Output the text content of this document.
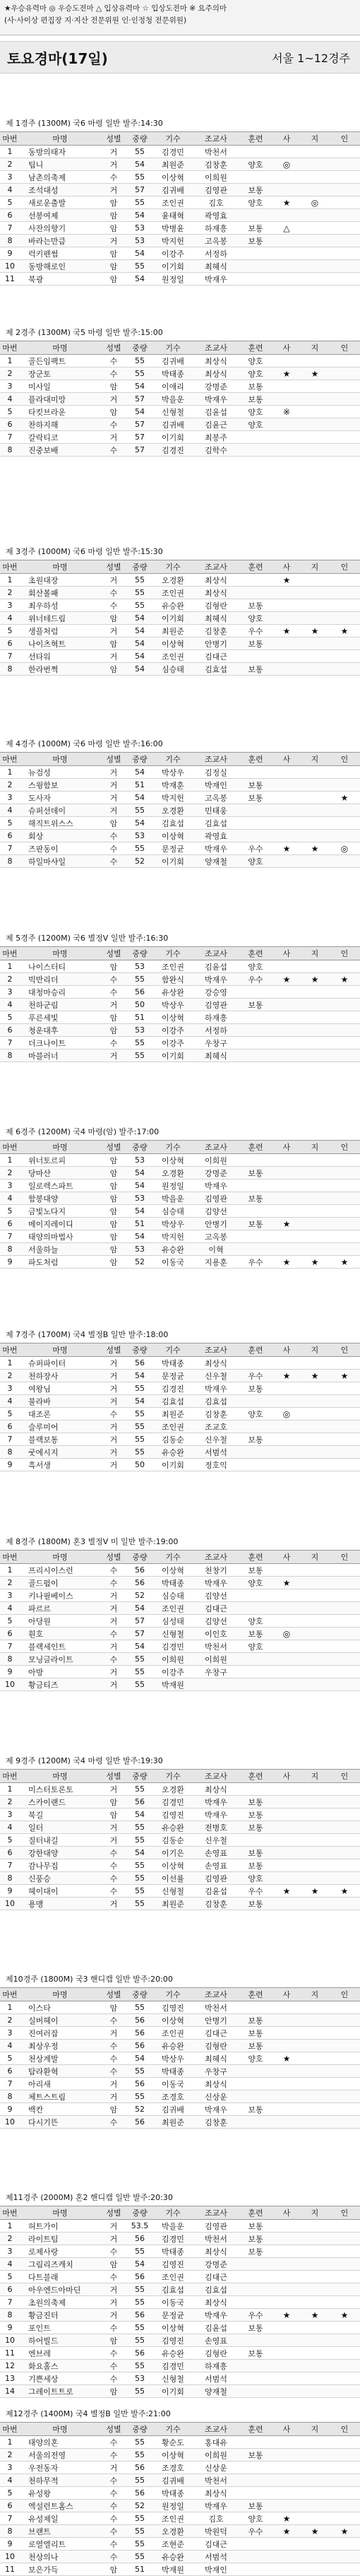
★우승유력마 ◎ 우승도전마 △ 입상유력마 ☆ 입상도전마 ※ 요주의마
(사·사이상 편집장 지·지산 전문위원 인·인정청 전문위원)
토요경마(17일)	서울 1~12경주
제 1경주 (1300M) 국6 마령 일반 발주:14:30
마번	마명	성별	중량	기수	조교사	훈련	사	지	인
1	동방의태자	거	55	김경민	박천서				
2	팁니	거	54	최원준	김창훈	양호	◎		
3	남촌의축제	수	55	이상혁	이희원				
4	조석대성	거	57	김귀배	김영관	보통			
5	새로운출발	암	55	조인권	김호	양호	★	◎	
6	선봉여제	암	54	윤태혁	곽영효				
7	사잔의향기	암	53	박병윤	하재흥	보통	△		
8	바라는만큼	거	53	박지헌	고옥봉	보통			
9	럭키펜썸	암	54	이강주	서정하				
10	동방해로인	암	55	이기회	최혜식				
11	북광	암	54	원정일	박재우				
제 2경주 (1300M) 국5 마령 일반 발주:15:00
마번	마명	성별	중량	기수	조교사	훈련	사	지	인
1	골든임팩트	수	55	김귀배	최상식	양호			
2	장군토	수	55	박태종	최상식	양호	★	★	
3	미사일	암	54	이애리	강명준	보통			
4	플라대미망	거	57	박을운	박재우	보통			
5	타킷브라운	암	54	신형철	김윤섭	양호	※		
6	찬하지해	수	57	김귀배	김윤근	양호			
7	갈락티코	거	57	이기회	최봉주				
8	진중보배	수	57	김경진	김학수				
제 3경주 (1000M) 국6 마령 일반 발주:15:30
마번	마명	성별	중량	기수	조교사	훈련	사	지	인
1	초원대장	거	55	오경환	최상식		★		
2	회산볼패	수	55	조인권	최상식				
3	최우하성	수	55	유승완	김형란	보통			
4	위너테드림	암	54	이기회	최혜식	양호			
5	생플처럼	거	54	최원준	김창훈	우수	★	★	★
6	나이츠혁트	암	54	이상혁	안병기	보통			
7	선타워	거	54	조인권	김대근				
8	한라번쩍	암	54	심승태	김효섭	보통			
제 4경주 (1000M) 국6 마령 일반 발주:16:00
마번	마명	성별	중량	기수	조교사	훈련	사	지	인
1	뉴검성	거	54	박상우	김정실				
2	스윙함보	거	51	박재훈	박재인	보통			
3	도사자	거	54	박지헌	고옥봉	보통			★
4	슈퍼선데이	거	55	오경환	민태웅				
5	해직트위스스	암	54	김효섭	김효섭				
6	회상	수	53	이상혁	곽영효				
7	즈판동이	수	55	문정균	박재우	우수	★	★	◎
8	하일마샤일	수	52	이기회	양재철	양호			
제 5경주 (1200M) 국6 별정V 일반 발주:16:30
마번	마명	성별	중량	기수	조교사	훈련	사	지	인
1	나이스터티	암	53	조인권	김윤섭	양호			
2	빅반리더	수	55	함완식	박재우	우수	★	★	★
3	대청마승리	수	56	유상완	강승영				
4	천하군림	거	50	박상우	김영관	보통			
5	푸른세빛	암	51	이상혁	하재흥				
6	청운대후	암	53	이강주	서정하				
7	더크나이트	수	55	이강주	우창구				
8	마블러너	거	55	이기회	최혜식				
제 6경주 (1200M) 국4 마령(암) 발주:17:00
마번	마명	성별	중량	기수	조교사	훈련	사	지	인
1	위너토르피	암	53	이상혁	이희원				
2	당마산	암	54	오경환	강명준	보통			
3	일로렉스파트	암	54	원정일	박재우				
4	함봉대양	암	53	박을운	김영관	보통			
5	금빛노다지	암	54	심승태	김양선				
6	메이지레이디	암	51	박상우	안병기	보통	★		
7	태양의마법사	암	54	박지헌	고옥봉				
8	서울하늘	암	53	유승완	이혁				
9	파도처럼	암	52	이동국	지용훈	우수	★	★	★
제 7경주 (1700M) 국4 별정B 일반 발주:18:00
마번	마명	성별	중량	기수	조교사	훈련	사	지	인
1	슈퍼파이터	거	56	박태종	최상식				
2	천하장사	거	54	문정균	신우철	우수	★	★	★
3	여왕님	거	55	김경진	박재우	보통			
4	불라바	거	54	김효섭	김효섭				
5	대조론	수	55	최원준	김창훈	양호	◎		
6	슬루미어	거	55	조인권	조교호				
7	블랙보통	거	55	김동순	신우철	보통			
8	굿에시지	거	55	유승완	서범석				
9	흑서생	거	50	이기회	정호익				
제 8경주 (1800M) 혼3 별정V 미 일반 발주:19:00
마번	마명	성별	중량	기수	조교사	훈련	사	지	인
1	프리시이스런	수	56	이상혁	천창기	보통			
2	골드펌이	수	56	박태종	박재우	양호	★		
3	키나필베이스	거	52	심승태	김양선				
4	파르르	거	54	조인권	김대근				
5	아당원	거	57	심성태	김양선	양호			
6	흰호	수	57	신형철	이인호	보통	◎		
7	블랙세인트	거	54	김경민	박천서	양호			
8	모닝글라이트	수	55	이희원	이희원				
9	아방	거	55	이강주	우창구				
10	황금티즈	거	55	박재원					
제 9경주 (1200M) 국4 마령 일반 발주:19:30
마번	마명	성별	중량	기수	조교사	훈련	사	지	인
1	미스터토론토	거	55	오경환	최상식				
2	스카이랜드	암	56	김경민	박재우	보통			
3	북길	암	54	김영진	박재우	보통			
4	일터	거	55	유승완	전병호	보통			
5	질터내길	거	55	김동순	신우철				
6	강한대양	수	54	이기은	손영표	보통			
7	감나무집	수	55	이상혁	손영표	보통			
8	신풍승	수	55	이선률	김영관	양호			
9	헤이대이	수	55	신형철	김윤섭	우수	★	★	★
10	용맹	거	55	최원준	김창훈	보통			
제10경주 (1800M) 국3 핸디캡 일반 발주:20:00
마번	마명	성별	중량	기수	조교사	훈련	사	지	인
1	이스타	암	55	김영진	박천서				
2	실버헤이	수	56	이상혁	안병기	보통			
3	진여러잡	거	56	조인권	김대근	보통			
4	최상우정	수	56	유승완	김형란	보통			
5	천상계발	수	54	박상우	최혜식	양호	★		
6	탐라환혁	수	55	박태종	우창구				
7	아리새	거	56	이동국	최상식				
8	체트스트림	거	55	조경호	신상운				
9	백칸	암	52	김귀배	박재우	보통			
10	다시기뜬	수	56	최원준	김창훈				
제11경주 (2000M) 혼2 핸디캡 일반 발주:20:30
마번	마명	성별	중량	기수	조교사	훈련	사	지	인
1	허트가이	거	53.5	박을운	김영관	보통			
2	라이트팀	거	56	김경민	박천서	보통			
3	로제사랑	수	55	박태종	최상식	보통			
4	그림리즈캐치	암	54	김영진	강명준				
5	다트블래	수	56	조인권	김대근				
6	아우엔드아마딘	거	55	김효섭	김효섭				
7	초원의축제	거	55	이동국	최상식				
8	황금진터	거	56	문정균	박재우	우수	★	★	★
9	포인트	수	55	이상혁	김윤섭	보통			
10	하어빌드	암	55	김영진	손영표				
11	엔브레	수	56	유승완	김형란	보통			
12	화요홀스	수	55	김경민	하재흥				
13	기쁜세상	수	53	신형철	서범석				
14	그레이트트로	암	55	이기회	양재철				
제12경주 (1400M) 국4 별정B 일반 발주:21:00
마번	마명	성별	중량	기수	조교사	훈련	사	지	인
1	태양의혼	수	55	황순도	홍대유				
2	서울의전영	수	55	이상혁	이희원	보통			
3	우전동자	거	56	조경호	신상운				
4	천하무적	수	55	김귀배	박천서				
5	유성왕	수	56	박태종	최상식				
6	엑설런트홈스	수	52	원정일	박재우	보통			
7	유성제일	수	55	조인권	김호	양호	★		
8	브랜트	수	55	오경환	박원덕	우수	★	★	★
9	로열엘리트	수	55	조현준	김대근				
10	천상의나	수	55	유승완	서범석				
11	보은가득	암	51	박재원	박재인				
